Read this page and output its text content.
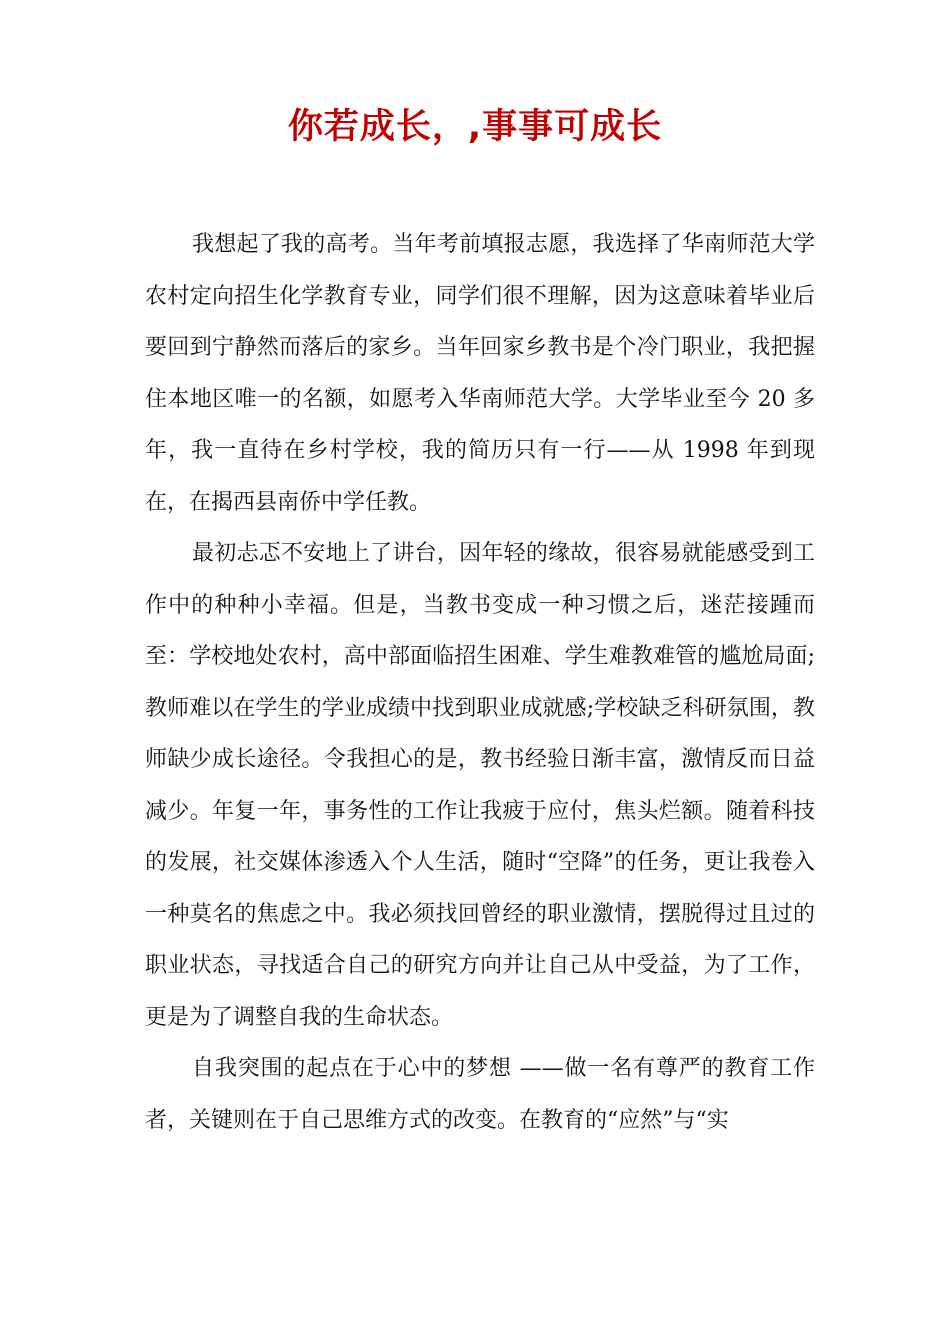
你若成长，,事事可成长

我想起了我的高考。当年考前填报志愿，我选择了华南师范大学农村定向招生化学教育专业，同学们很不理解，因为这意味着毕业后要回到宁静然而落后的家乡。当年回家乡教书是个冷门职业，我把握住本地区唯一的名额，如愿考入华南师范大学。大学毕业至今 20 多年，我一直待在乡村学校，我的简历只有一行——从 1998 年到现在，在揭西县南侨中学任教。

最初忐忑不安地上了讲台，因年轻的缘故，很容易就能感受到工作中的种种小幸福。但是，当教书变成一种习惯之后，迷茫接踵而至：学校地处农村，高中部面临招生困难、学生难教难管的尴尬局面;教师难以在学生的学业成绩中找到职业成就感;学校缺乏科研氛围，教师缺少成长途径。令我担心的是，教书经验日渐丰富，激情反而日益减少。年复一年，事务性的工作让我疲于应付，焦头烂额。随着科技的发展，社交媒体渗透入个人生活，随时“空降”的任务，更让我卷入一种莫名的焦虑之中。我必须找回曾经的职业激情，摆脱得过且过的职业状态，寻找适合自己的研究方向并让自己从中受益，为了工作，更是为了调整自我的生命状态。

自我突围的起点在于心中的梦想 ——做一名有尊严的教育工作者，关键则在于自己思维方式的改变。在教育的“应然”与“实
